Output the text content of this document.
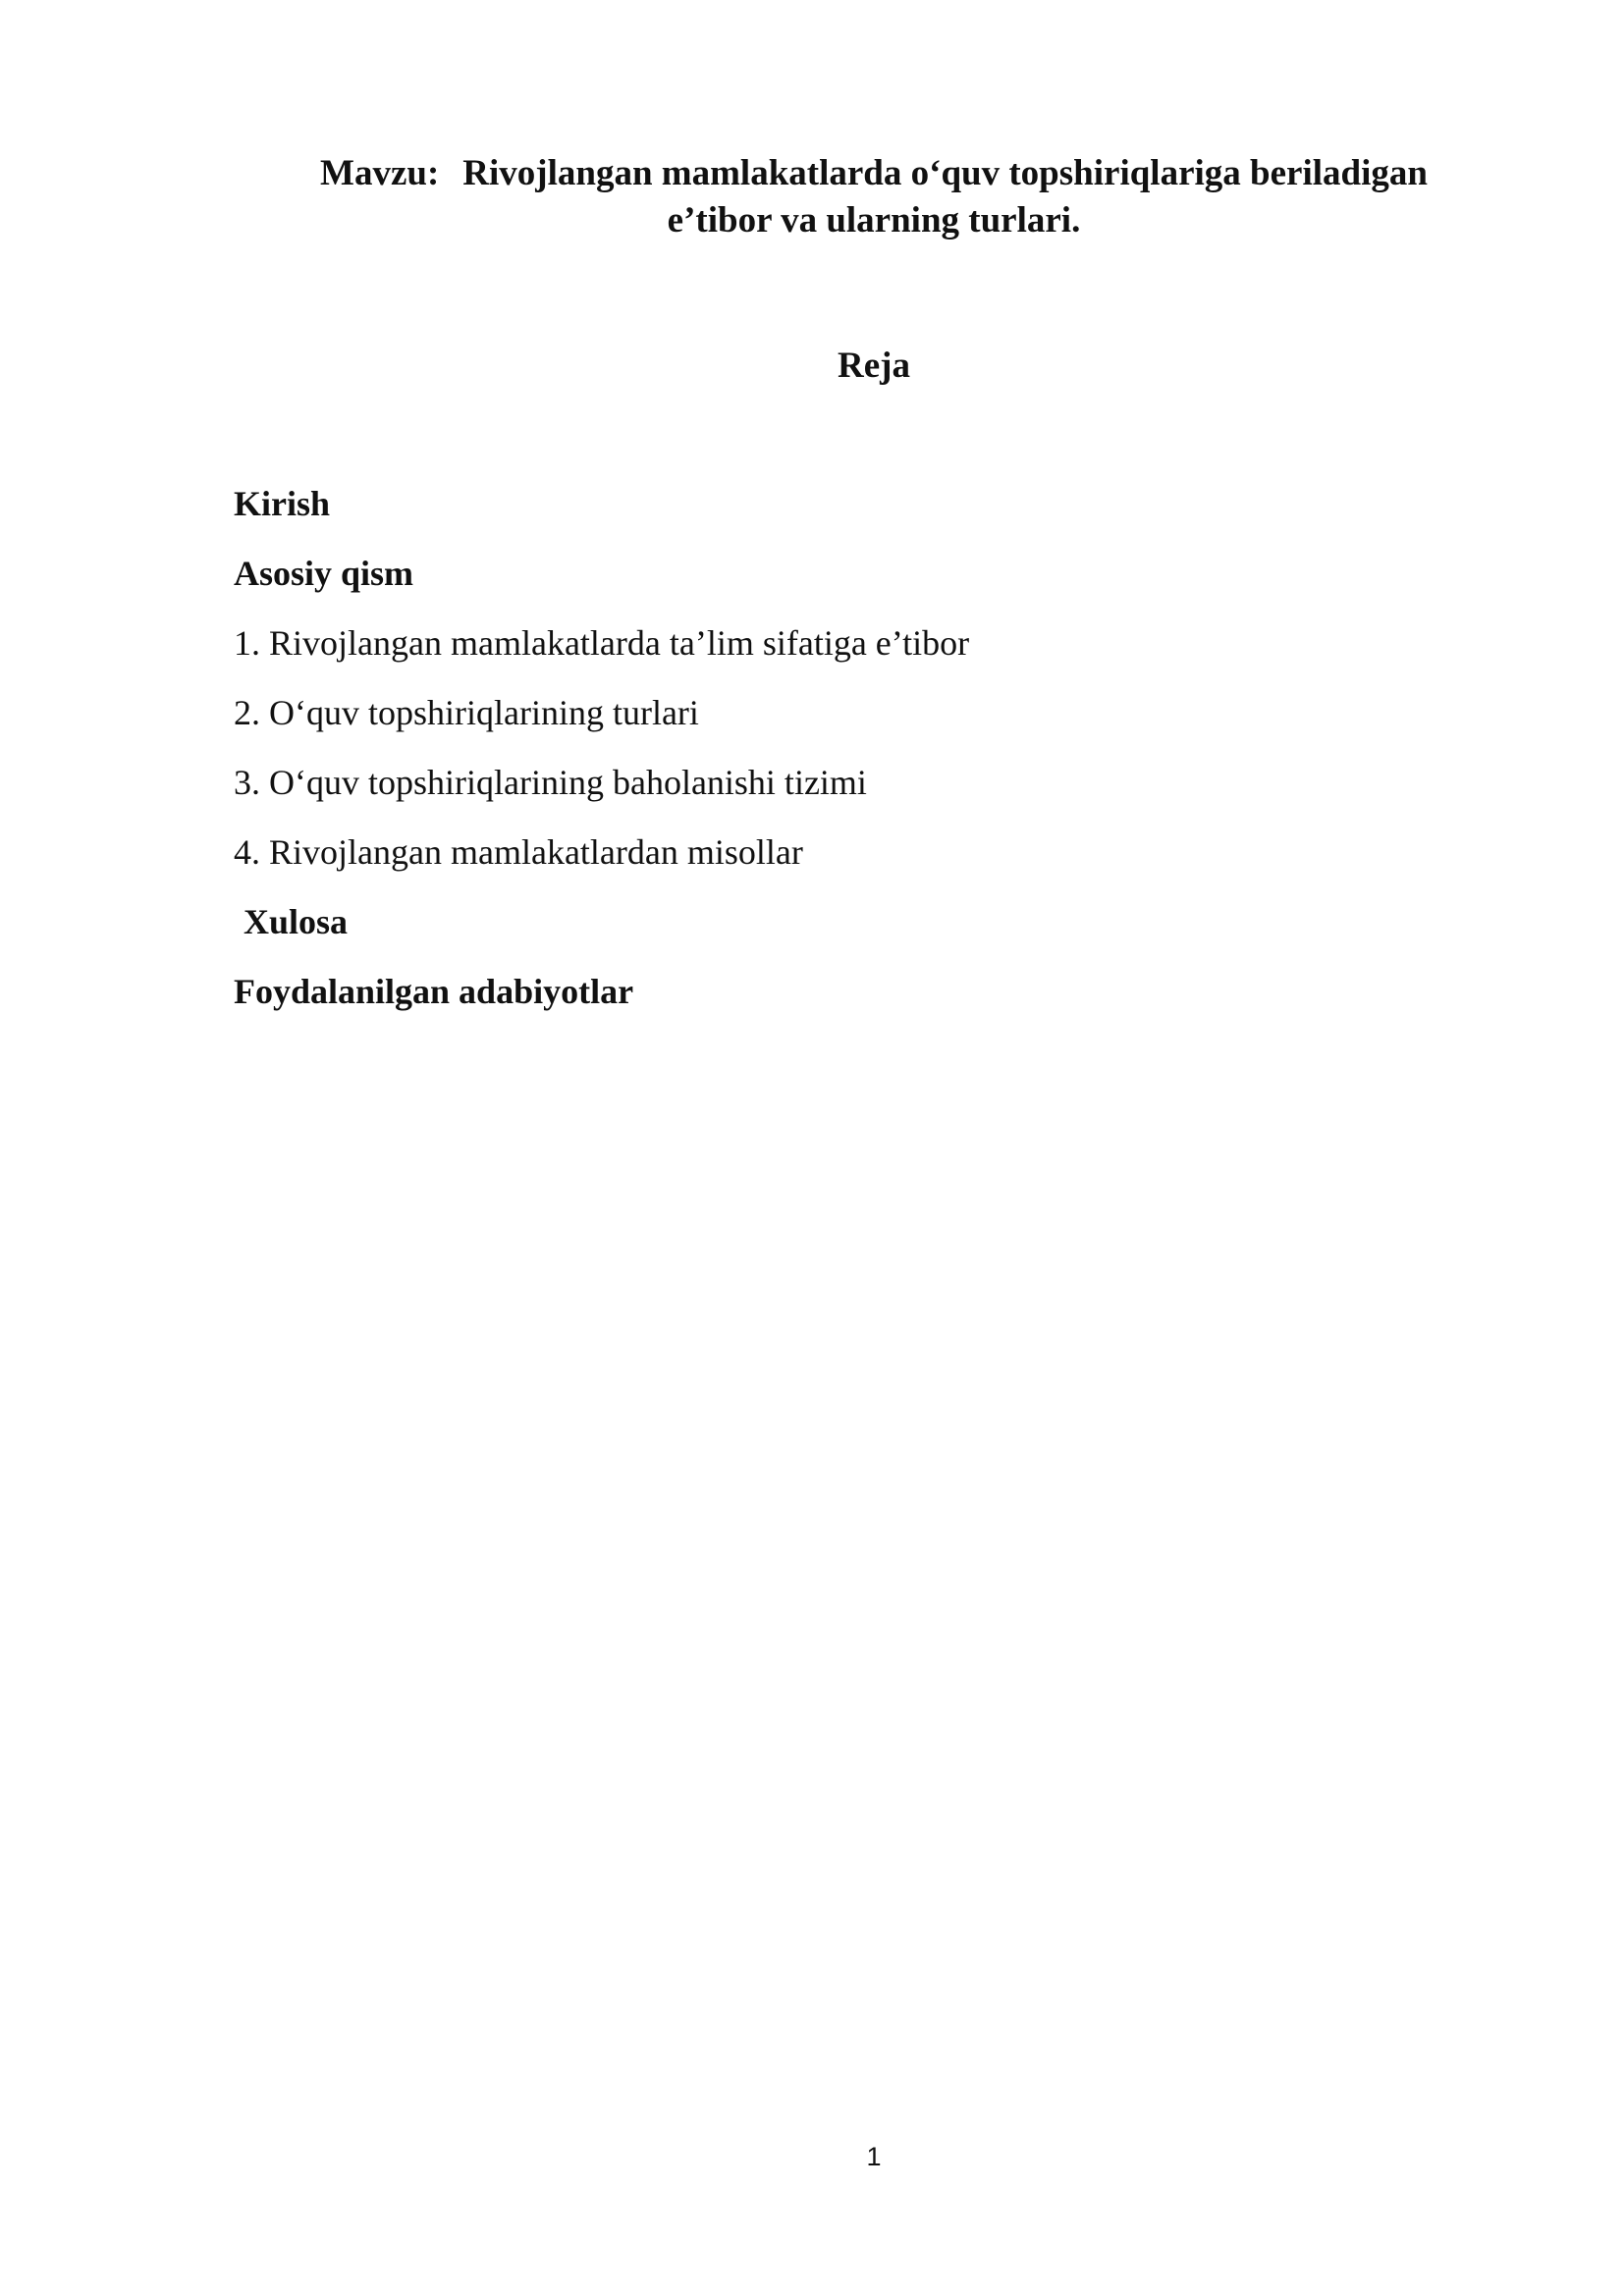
Mavzu: Rivojlangan mamlakatlarda o‘quv topshiriqlariga beriladigan
e’tibor va ularning turlari.
Reja
Kirish
Asosiy qism
1. Rivojlangan mamlakatlarda ta’lim sifatiga e’tibor
2. O‘quv topshiriqlarining turlari
3. O‘quv topshiriqlarining baholanishi tizimi
4. Rivojlangan mamlakatlardan misollar
Xulosa
Foydalanilgan adabiyotlar
1
